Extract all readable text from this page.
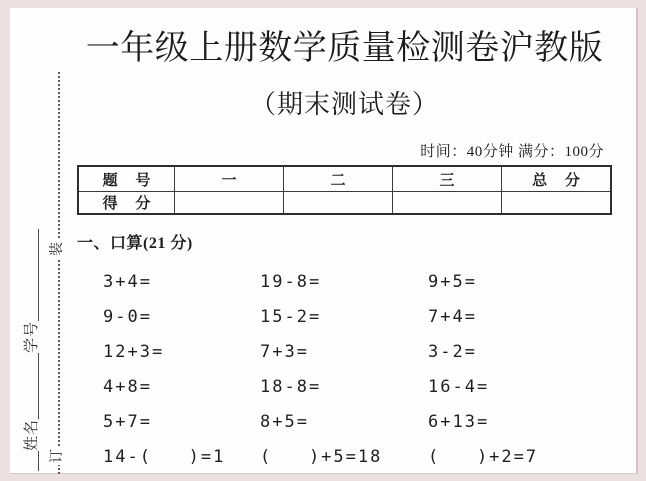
装
订
姓名
学号
一年级上册数学质量检测卷沪教版
（期末测试卷）
时间：40分钟 满分：100分
题 号	一	二	三	总 分
得 分
一、口算(21 分)
3+4=	19-8=	9+5=
9-0=	15-2=	7+4=
12+3=	7+3=	3-2=
4+8=	18-8=	16-4=
5+7=	8+5=	6+13=
14-(   )=1	(   )+5=18	(   )+2=7
